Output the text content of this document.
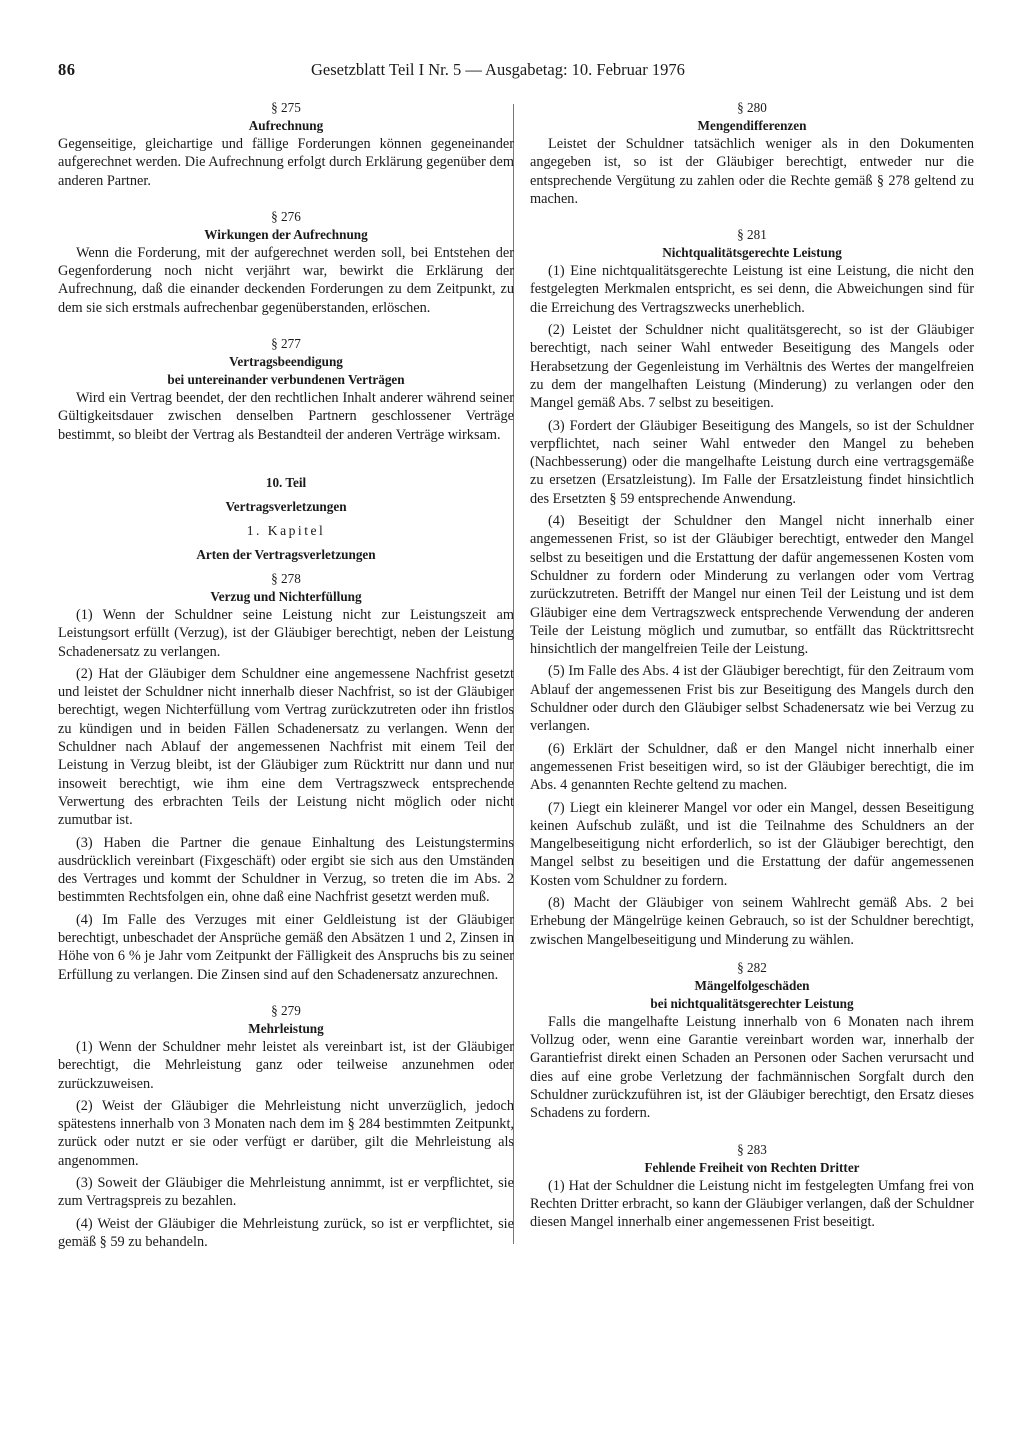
86	Gesetzblatt Teil I Nr. 5 — Ausgabetag: 10. Februar 1976
§ 275
Aufrechnung

Gegenseitige, gleichartige und fällige Forderungen können gegeneinander aufgerechnet werden. Die Aufrechnung erfolgt durch Erklärung gegenüber dem anderen Partner.

§ 276
Wirkungen der Aufrechnung

Wenn die Forderung, mit der aufgerechnet werden soll, bei Entstehen der Gegenforderung noch nicht verjährt war, bewirkt die Erklärung der Aufrechnung, daß die einander deckenden Forderungen zu dem Zeitpunkt, zu dem sie sich erstmals aufrechenbar gegenüberstanden, erlöschen.

§ 277
Vertragsbeendigung
bei untereinander verbundenen Verträgen

Wird ein Vertrag beendet, der den rechtlichen Inhalt anderer während seiner Gültigkeitsdauer zwischen denselben Partnern geschlossener Verträge bestimmt, so bleibt der Vertrag als Bestandteil der anderen Verträge wirksam.

10. Teil
Vertragsverletzungen
1. Kapitel
Arten der Vertragsverletzungen
§ 278
Verzug und Nichterfüllung

(1) Wenn der Schuldner seine Leistung nicht zur Leistungszeit am Leistungsort erfüllt (Verzug), ist der Gläubiger berechtigt, neben der Leistung Schadenersatz zu verlangen.

(2) Hat der Gläubiger dem Schuldner eine angemessene Nachfrist gesetzt und leistet der Schuldner nicht innerhalb dieser Nachfrist, so ist der Gläubiger berechtigt, wegen Nichterfüllung vom Vertrag zurückzutreten oder ihn fristlos zu kündigen und in beiden Fällen Schadenersatz zu verlangen. Wenn der Schuldner nach Ablauf der angemessenen Nachfrist mit einem Teil der Leistung in Verzug bleibt, ist der Gläubiger zum Rücktritt nur dann und nur insoweit berechtigt, wie ihm eine dem Vertragszweck entsprechende Verwertung des erbrachten Teils der Leistung nicht möglich oder nicht zumutbar ist.

(3) Haben die Partner die genaue Einhaltung des Leistungstermins ausdrücklich vereinbart (Fixgeschäft) oder ergibt sie sich aus den Umständen des Vertrages und kommt der Schuldner in Verzug, so treten die im Abs. 2 bestimmten Rechtsfolgen ein, ohne daß eine Nachfrist gesetzt werden muß.

(4) Im Falle des Verzuges mit einer Geldleistung ist der Gläubiger berechtigt, unbeschadet der Ansprüche gemäß den Absätzen 1 und 2, Zinsen in Höhe von 6 % je Jahr vom Zeitpunkt der Fälligkeit des Anspruchs bis zu seiner Erfüllung zu verlangen. Die Zinsen sind auf den Schadenersatz anzurechnen.

§ 279
Mehrleistung

(1) Wenn der Schuldner mehr leistet als vereinbart ist, ist der Gläubiger berechtigt, die Mehrleistung ganz oder teilweise anzunehmen oder zurückzuweisen.

(2) Weist der Gläubiger die Mehrleistung nicht unverzüglich, jedoch spätestens innerhalb von 3 Monaten nach dem im § 284 bestimmten Zeitpunkt, zurück oder nutzt er sie oder verfügt er darüber, gilt die Mehrleistung als angenommen.

(3) Soweit der Gläubiger die Mehrleistung annimmt, ist er verpflichtet, sie zum Vertragspreis zu bezahlen.

(4) Weist der Gläubiger die Mehrleistung zurück, so ist er verpflichtet, sie gemäß § 59 zu behandeln.

§ 280
Mengendifferenzen

Leistet der Schuldner tatsächlich weniger als in den Dokumenten angegeben ist, so ist der Gläubiger berechtigt, entweder nur die entsprechende Vergütung zu zahlen oder die Rechte gemäß § 278 geltend zu machen.

§ 281
Nichtqualitätsgerechte Leistung

(1) Eine nichtqualitätsgerechte Leistung ist eine Leistung, die nicht den festgelegten Merkmalen entspricht, es sei denn, die Abweichungen sind für die Erreichung des Vertragszwecks unerheblich.

(2) Leistet der Schuldner nicht qualitätsgerecht, so ist der Gläubiger berechtigt, nach seiner Wahl entweder Beseitigung des Mangels oder Herabsetzung der Gegenleistung im Verhältnis des Wertes der mangelfreien zu dem der mangelhaften Leistung (Minderung) zu verlangen oder den Mangel gemäß Abs. 7 selbst zu beseitigen.

(3) Fordert der Gläubiger Beseitigung des Mangels, so ist der Schuldner verpflichtet, nach seiner Wahl entweder den Mangel zu beheben (Nachbesserung) oder die mangelhafte Leistung durch eine vertragsgemäße zu ersetzen (Ersatzleistung). Im Falle der Ersatzleistung findet hinsichtlich des Ersetzten § 59 entsprechende Anwendung.

(4) Beseitigt der Schuldner den Mangel nicht innerhalb einer angemessenen Frist, so ist der Gläubiger berechtigt, entweder den Mangel selbst zu beseitigen und die Erstattung der dafür angemessenen Kosten vom Schuldner zu fordern oder Minderung zu verlangen oder vom Vertrag zurückzutreten. Betrifft der Mangel nur einen Teil der Leistung und ist dem Gläubiger eine dem Vertragszweck entsprechende Verwendung der anderen Teile der Leistung möglich und zumutbar, so entfällt das Rücktrittsrecht hinsichtlich der mangelfreien Teile der Leistung.

(5) Im Falle des Abs. 4 ist der Gläubiger berechtigt, für den Zeitraum vom Ablauf der angemessenen Frist bis zur Beseitigung des Mangels durch den Schuldner oder durch den Gläubiger selbst Schadenersatz wie bei Verzug zu verlangen.

(6) Erklärt der Schuldner, daß er den Mangel nicht innerhalb einer angemessenen Frist beseitigen wird, so ist der Gläubiger berechtigt, die im Abs. 4 genannten Rechte geltend zu machen.

(7) Liegt ein kleinerer Mangel vor oder ein Mangel, dessen Beseitigung keinen Aufschub zuläßt, und ist die Teilnahme des Schuldners an der Mangelbeseitigung nicht erforderlich, so ist der Gläubiger berechtigt, den Mangel selbst zu beseitigen und die Erstattung der dafür angemessenen Kosten vom Schuldner zu fordern.

(8) Macht der Gläubiger von seinem Wahlrecht gemäß Abs. 2 bei Erhebung der Mängelrüge keinen Gebrauch, so ist der Schuldner berechtigt, zwischen Mangelbeseitigung und Minderung zu wählen.

§ 282
Mängelfolgeschäden
bei nichtqualitätsgerechter Leistung

Falls die mangelhafte Leistung innerhalb von 6 Monaten nach ihrem Vollzug oder, wenn eine Garantie vereinbart worden war, innerhalb der Garantiefrist direkt einen Schaden an Personen oder Sachen verursacht und dies auf eine grobe Verletzung der fachmännischen Sorgfalt durch den Schuldner zurückzuführen ist, ist der Gläubiger berechtigt, den Ersatz dieses Schadens zu fordern.

§ 283
Fehlende Freiheit von Rechten Dritter

(1) Hat der Schuldner die Leistung nicht im festgelegten Umfang frei von Rechten Dritter erbracht, so kann der Gläubiger verlangen, daß der Schuldner diesen Mangel innerhalb einer angemessenen Frist beseitigt.
